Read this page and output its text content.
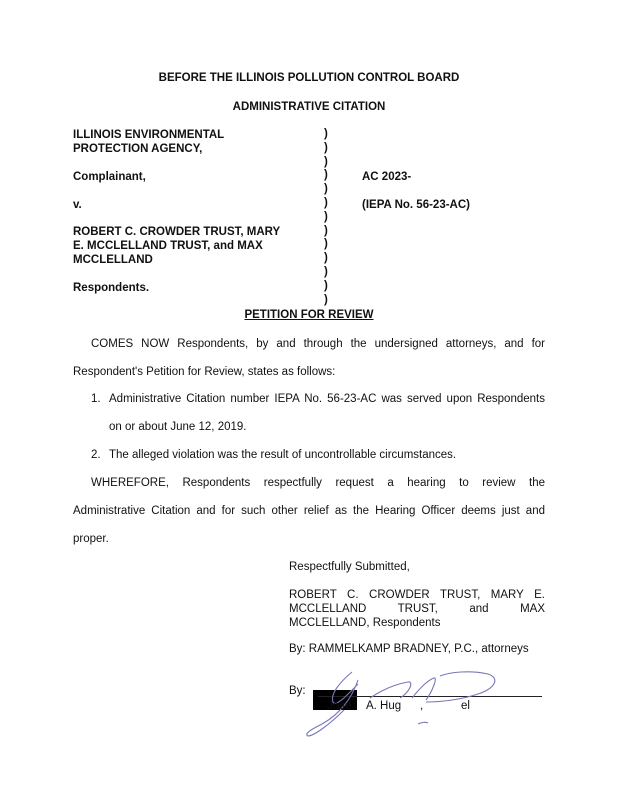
BEFORE THE ILLINOIS POLLUTION CONTROL BOARD

ADMINISTRATIVE CITATION

ILLINOIS ENVIRONMENTAL

PROTECTION AGENCY,

Complainant,

v.

ROBERT C. CROWDER TRUST, MARY

E. MCCLELLAND TRUST, and MAX

MCCLELLAND

Respondents.

)
)
)
)
)
)
)
)
)
)
)
)
)

AC 2023-

(IEPA No. 56-23-AC)

PETITION FOR REVIEW

COMES NOW Respondents, by and through the undersigned attorneys, and for

Respondent's Petition for Review, states as follows:

1. Administrative Citation number IEPA No. 56-23-AC was served upon Respondents

on or about June 12, 2019.

2. The alleged violation was the result of uncontrollable circumstances.

WHEREFORE, Respondents respectfully request a hearing to review the

Administrative Citation and for such other relief as the Hearing Officer deems just and

proper.

Respectfully Submitted,

ROBERT C. CROWDER TRUST, MARY E.
MCCLELLAND TRUST, and MAX
MCCLELLAND, Respondents

By: RAMMELKAMP BRADNEY, P.C., attorneys

By:

Jose A. Hug ,	el
